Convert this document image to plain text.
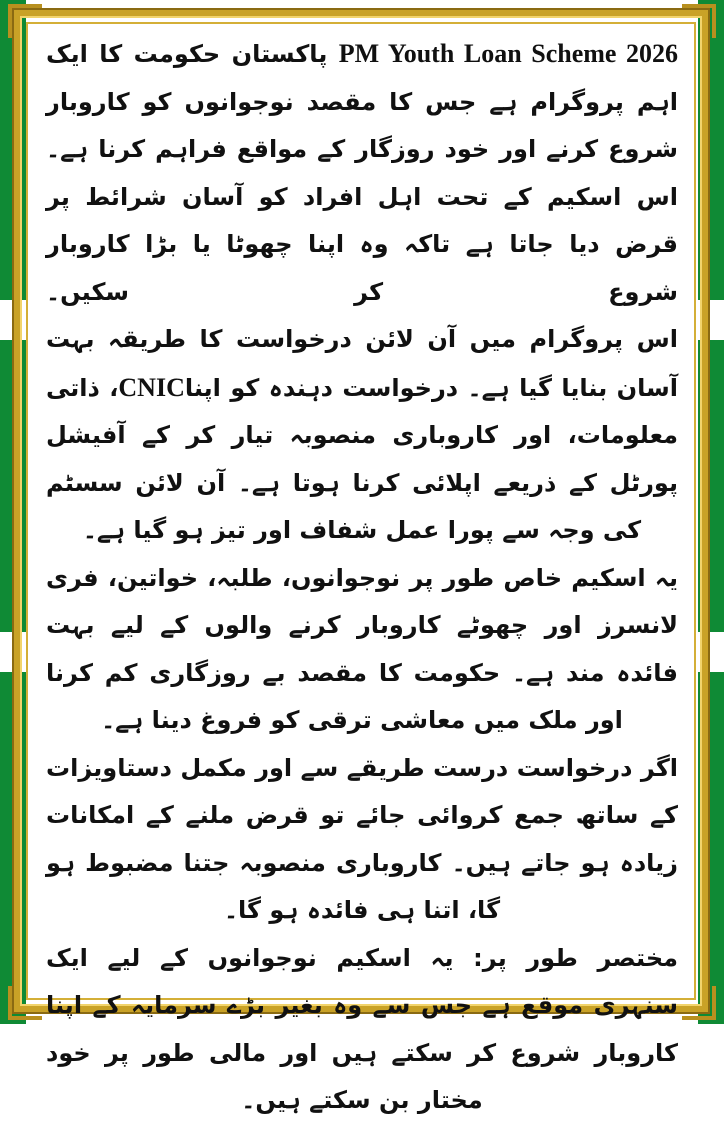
PM Youth Loan Scheme 2026 پاکستان حکومت کا ایک اہم پروگرام ہے جس کا مقصد نوجوانوں کو کاروبار شروع کرنے اور خود روزگار کے مواقع فراہم کرنا ہے۔ اس اسکیم کے تحت اہل افراد کو آسان شرائط پر قرض دیا جاتا ہے تاکہ وہ اپنا چھوٹا یا بڑا کاروبار شروع کر سکیں۔

اس پروگرام میں آن لائن درخواست کا طریقہ بہت آسان بنایا گیا ہے۔ درخواست دہندہ کو اپناCNIC، ذاتی معلومات، اور کاروباری منصوبہ تیار کر کے آفیشل پورٹل کے ذریعے اپلائی کرنا ہوتا ہے۔ آن لائن سسٹم کی وجہ سے پورا عمل شفاف اور تیز ہو گیا ہے۔

یہ اسکیم خاص طور پر نوجوانوں، طلبہ، خواتین، فری لانسرز اور چھوٹے کاروبار کرنے والوں کے لیے بہت فائدہ مند ہے۔ حکومت کا مقصد بے روزگاری کم کرنا اور ملک میں معاشی ترقی کو فروغ دینا ہے۔

اگر درخواست درست طریقے سے اور مکمل دستاویزات کے ساتھ جمع کروائی جائے تو قرض ملنے کے امکانات زیادہ ہو جاتے ہیں۔ کاروباری منصوبہ جتنا مضبوط ہو گا، اتنا ہی فائدہ ہو گا۔

مختصر طور پر: یہ اسکیم نوجوانوں کے لیے ایک سنہری موقع ہے جس سے وہ بغیر بڑے سرمایہ کے اپنا کاروبار شروع کر سکتے ہیں اور مالی طور پر خود مختار بن سکتے ہیں۔
